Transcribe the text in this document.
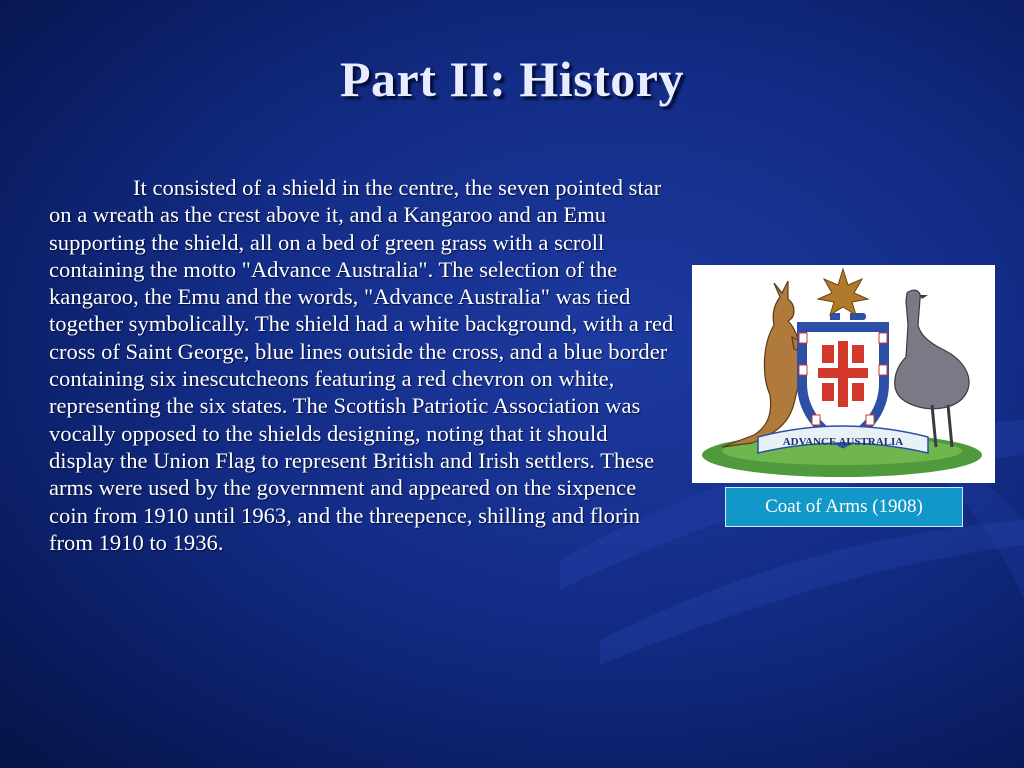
Part II: History

It consisted of a shield in the centre, the seven pointed star on a wreath as the crest above it, and a Kangaroo and an Emu supporting the shield, all on a bed of green grass with a scroll containing the motto "Advance Australia". The selection of the kangaroo, the Emu and the words, "Advance Australia" was tied together symbolically. The shield had a white background, with a red cross of Saint George, blue lines outside the cross, and a blue border containing six inescutcheons featuring a red chevron on white, representing the six states. The Scottish Patriotic Association was vocally opposed to the shields designing, noting that it should display the Union Flag to represent British and Irish settlers. These arms were used by the government and appeared on the sixpence coin from 1910 until 1963, and the threepence, shilling and florin from 1910 to 1936.

ADVANCE AUSTRALIA
Coat of Arms (1908)
